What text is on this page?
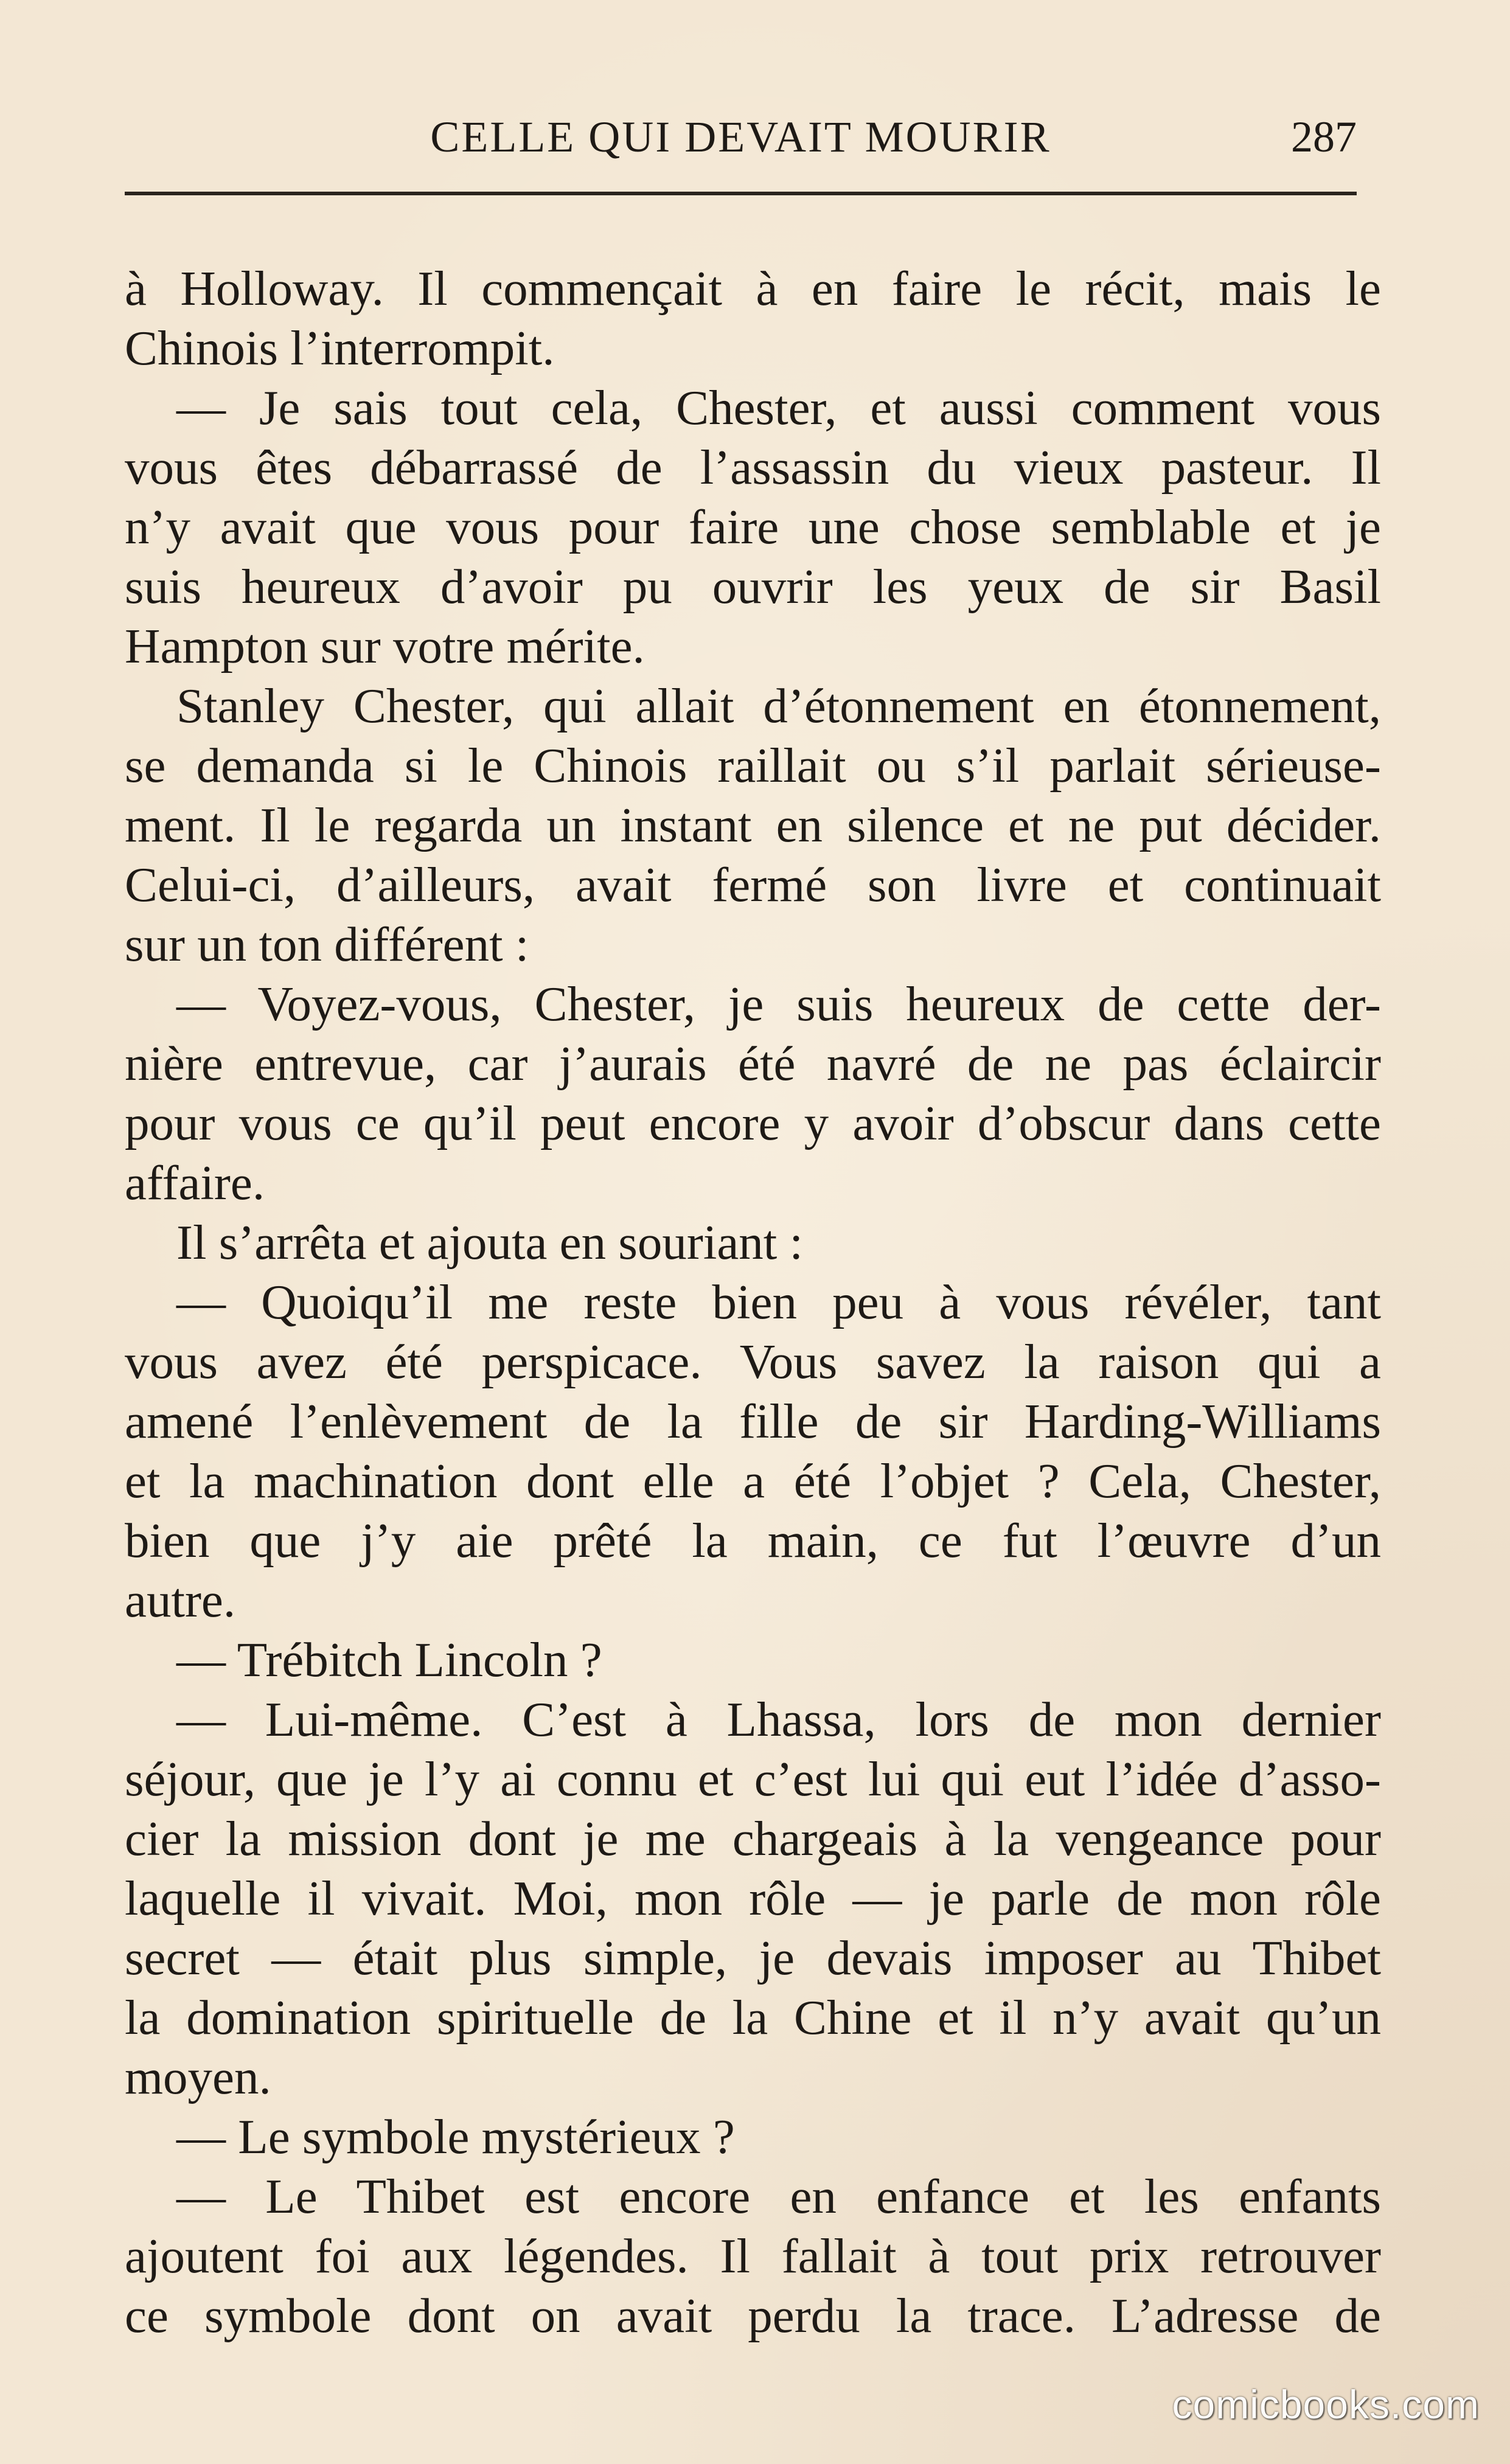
CELLE QUI DEVAIT MOURIR	287
à Holloway. Il commençait à en faire le récit, mais le
Chinois l’interrompit.
— Je sais tout cela, Chester, et aussi comment vous
vous êtes débarrassé de l’assassin du vieux pasteur. Il
n’y avait que vous pour faire une chose semblable et je
suis heureux d’avoir pu ouvrir les yeux de sir Basil
Hampton sur votre mérite.
Stanley Chester, qui allait d’étonnement en étonnement,
se demanda si le Chinois raillait ou s’il parlait sérieuse-
ment. Il le regarda un instant en silence et ne put décider.
Celui-ci, d’ailleurs, avait fermé son livre et continuait
sur un ton différent :
— Voyez-vous, Chester, je suis heureux de cette der-
nière entrevue, car j’aurais été navré de ne pas éclaircir
pour vous ce qu’il peut encore y avoir d’obscur dans cette
affaire.
Il s’arrêta et ajouta en souriant :
— Quoiqu’il me reste bien peu à vous révéler, tant
vous avez été perspicace. Vous savez la raison qui a
amené l’enlèvement de la fille de sir Harding-Williams
et la machination dont elle a été l’objet ? Cela, Chester,
bien que j’y aie prêté la main, ce fut l’œuvre d’un
autre.
— Trébitch Lincoln ?
— Lui-même. C’est à Lhassa, lors de mon dernier
séjour, que je l’y ai connu et c’est lui qui eut l’idée d’asso-
cier la mission dont je me chargeais à la vengeance pour
laquelle il vivait. Moi, mon rôle — je parle de mon rôle
secret — était plus simple, je devais imposer au Thibet
la domination spirituelle de la Chine et il n’y avait qu’un
moyen.
— Le symbole mystérieux ?
— Le Thibet est encore en enfance et les enfants
ajoutent foi aux légendes. Il fallait à tout prix retrouver
ce symbole dont on avait perdu la trace. L’adresse de
comicbooks.com
